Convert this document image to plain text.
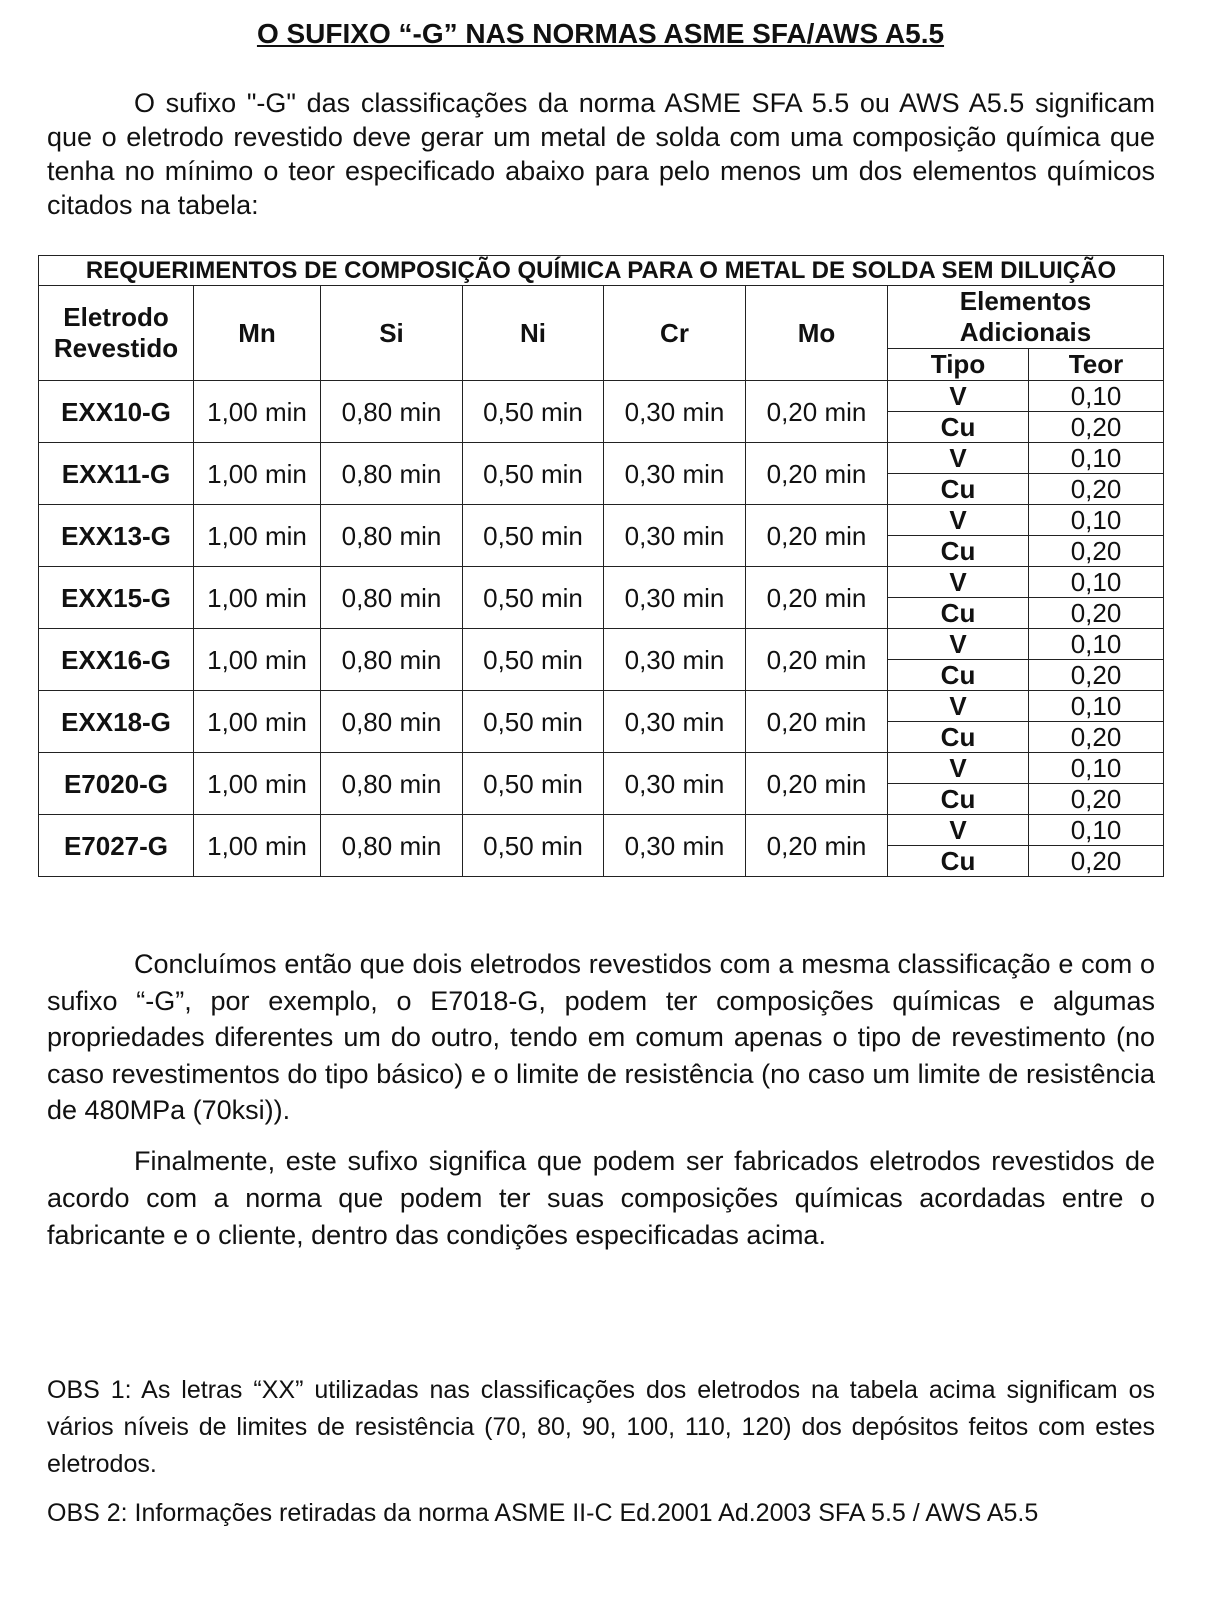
O SUFIXO “-G” NAS NORMAS ASME SFA/AWS A5.5
O sufixo "-G" das classificações da norma ASME SFA 5.5 ou AWS A5.5 significam que o eletrodo revestido deve gerar um metal de solda com uma composição química que tenha no mínimo o teor especificado abaixo para pelo menos um dos elementos químicos citados na tabela:
REQUERIMENTOS DE COMPOSIÇÃO QUÍMICA PARA O METAL DE SOLDA SEM DILUIÇÃO							
Eletrodo Revestido	Mn	Si	Ni	Cr	Mo	Elementos Adicionais	
						Tipo	Teor
EXX10-G	1,00 min	0,80 min	0,50 min	0,30 min	0,20 min	V	0,10
						Cu	0,20
EXX11-G	1,00 min	0,80 min	0,50 min	0,30 min	0,20 min	V	0,10
						Cu	0,20
EXX13-G	1,00 min	0,80 min	0,50 min	0,30 min	0,20 min	V	0,10
						Cu	0,20
EXX15-G	1,00 min	0,80 min	0,50 min	0,30 min	0,20 min	V	0,10
						Cu	0,20
EXX16-G	1,00 min	0,80 min	0,50 min	0,30 min	0,20 min	V	0,10
						Cu	0,20
EXX18-G	1,00 min	0,80 min	0,50 min	0,30 min	0,20 min	V	0,10
						Cu	0,20
E7020-G	1,00 min	0,80 min	0,50 min	0,30 min	0,20 min	V	0,10
						Cu	0,20
E7027-G	1,00 min	0,80 min	0,50 min	0,30 min	0,20 min	V	0,10
						Cu	0,20
Concluímos então que dois eletrodos revestidos com a mesma classificação e com o sufixo “-G”, por exemplo, o E7018-G, podem ter composições químicas e algumas propriedades diferentes um do outro, tendo em comum apenas o tipo de revestimento (no caso revestimentos do tipo básico) e o limite de resistência (no caso um limite de resistência de 480MPa (70ksi)).
Finalmente, este sufixo significa que podem ser fabricados eletrodos revestidos de acordo com a norma que podem ter suas composições químicas acordadas entre o fabricante e o cliente, dentro das condições especificadas acima.
OBS 1: As letras “XX” utilizadas nas classificações dos eletrodos na tabela acima significam os vários níveis de limites de resistência (70, 80, 90, 100, 110, 120) dos depósitos feitos com estes eletrodos.
OBS 2: Informações retiradas da norma ASME II-C Ed.2001 Ad.2003 SFA 5.5 / AWS A5.5
